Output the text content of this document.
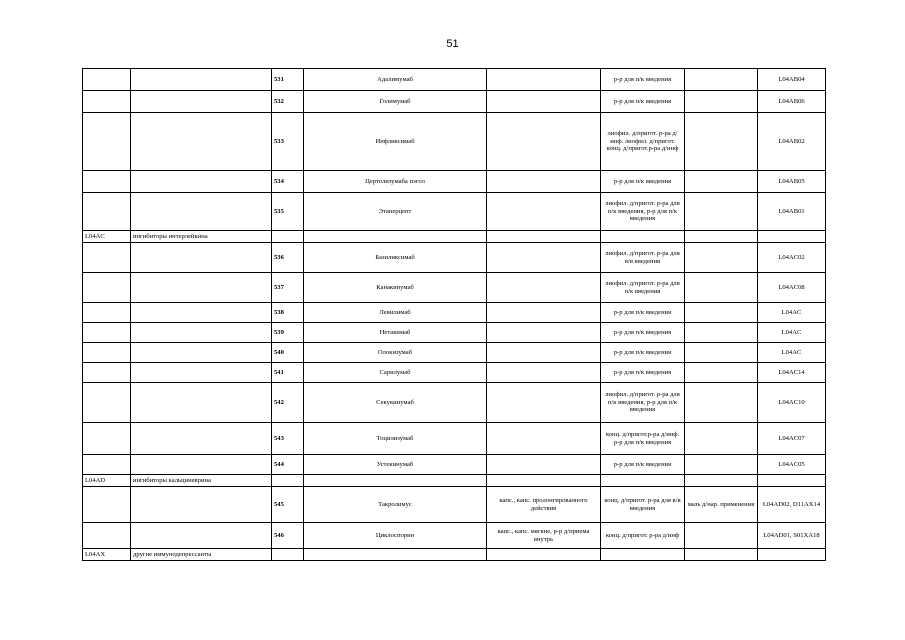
51
		531	Адалимумаб		р-р для п/к введения		L04AB04
		532	Голимумаб		р-р для п/к введения		L04AB06
		533	Инфликсимаб		лиофил. д/пригот. р-ра д/инф. лиофил. д/пригот. конц. д/пригот.р-ра д/инф		L04AB02
		534	Цертолизумаба пэгол		р-р для п/к введения		L04AB05
		535	Этанерцепт		лиофил. д/пригот. р-ра для п/к введения, р-р для п/к введения		L04AB01
L04AC	ингибиторы интерлейкина						
		536	Базиликсимаб		лиофил. д/пригот. р-ра для в/в введения		L04AC02
		537	Канакинумаб		лиофил. д/пригот. р-ра для п/к введения		L04AC08
		538	Левилимаб		р-р для п/к введения		L04AC
		539	Нетакимаб		р-р для п/к введения		L04AC
		540	Олокизумаб		р-р для п/к введения		L04AC
		541	Сарилумаб		р-р для п/к введения		L04AC14
		542	Секукинумаб		лиофил. д/пригот. р-ра для п/к введения, р-р для п/к введения		L04AC10
		543	Тоцилизумаб		конц. д/пригот.р-ра д/инф. р-р для п/к введения		L04AC07
		544	Устекинумаб		р-р для п/к введения		L04AC05
L04AD	ингибиторы кальциневрина						
		545	Такролимус	капс., капс. пролонгированного действия	конц. д/пригот. р-ра для в/в введения	мазь д/нар. применения	L04AD02, D11AX14
		546	Циклоспорин	капс., капс. мягкие, р-р д/приема внутрь	конц. д/пригот. р-ра д/инф		L04AD01, S01XA18
L04AX	другие иммунодепрессанты						
